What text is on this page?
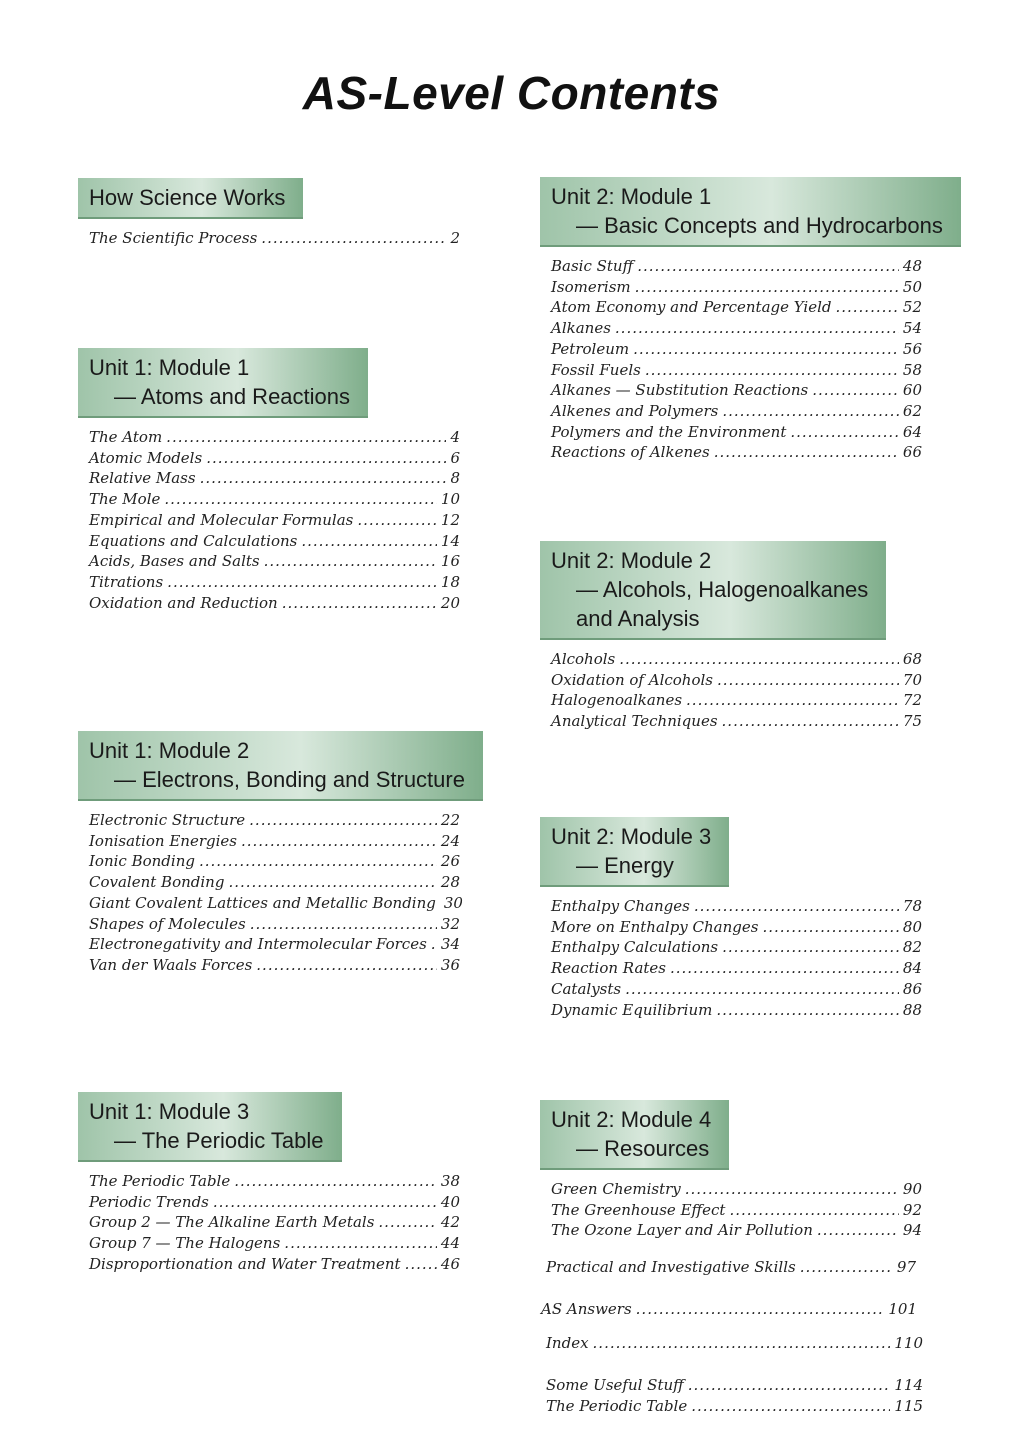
AS-Level Contents
How Science Works
The Scientific Process .....	2
Unit 1: Module 1
— Atoms and Reactions
The Atom .....	4
Atomic Models .....	6
Relative Mass .....	8
The Mole .....	10
Empirical and Molecular Formulas .....	12
Equations and Calculations .....	14
Acids, Bases and Salts .....	16
Titrations .....	18
Oxidation and Reduction .....	20
Unit 1: Module 2
— Electrons, Bonding and Structure
Electronic Structure .....	22
Ionisation Energies .....	24
Ionic Bonding .....	26
Covalent Bonding .....	28
Giant Covalent Lattices and Metallic Bonding 30
Shapes of Molecules .....	32
Electronegativity and Intermolecular Forces ..... 34
Van der Waals Forces .....	36
Unit 1: Module 3
— The Periodic Table
The Periodic Table .....	38
Periodic Trends .....	40
Group 2 — The Alkaline Earth Metals .....	42
Group 7 — The Halogens .....	44
Disproportionation and Water Treatment .....	46
Unit 2: Module 1
— Basic Concepts and Hydrocarbons
Basic Stuff .....	48
Isomerism .....	50
Atom Economy and Percentage Yield .....	52
Alkanes .....	54
Petroleum .....	56
Fossil Fuels .....	58
Alkanes — Substitution Reactions .....	60
Alkenes and Polymers .....	62
Polymers and the Environment .....	64
Reactions of Alkenes .....	66
Unit 2: Module 2
— Alcohols, Halogenoalkanes
and Analysis
Alcohols .....	68
Oxidation of Alcohols .....	70
Halogenoalkanes .....	72
Analytical Techniques .....	75
Unit 2: Module 3
— Energy
Enthalpy Changes .....	78
More on Enthalpy Changes .....	80
Enthalpy Calculations .....	82
Reaction Rates .....	84
Catalysts .....	86
Dynamic Equilibrium .....	88
Unit 2: Module 4
— Resources
Green Chemistry .....	90
The Greenhouse Effect .....	92
The Ozone Layer and Air Pollution .....	94
Practical and Investigative Skills .....	97
AS Answers .....	101
Index .....	110
Some Useful Stuff .....	114
The Periodic Table .....	115
